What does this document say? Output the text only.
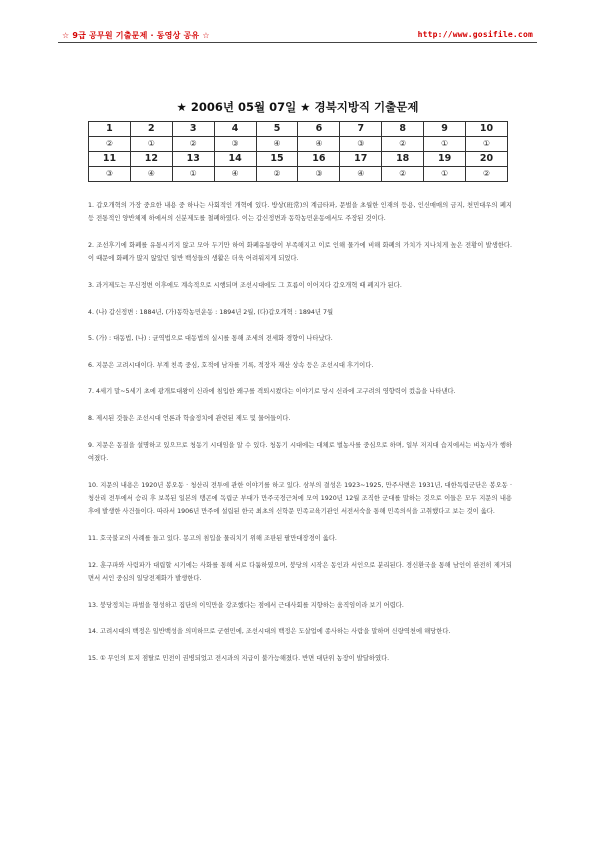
☆ 9급 공무원 기출문제 · 동영상 공유 ☆	http://www.gosifile.com
★ 2006년 05월 07일 ★ 경북지방직 기출문제
1	2	3	4	5	6	7	8	9	10
②	①	②	③	④	④	③	②	①	①
11	12	13	14	15	16	17	18	19	20
③	④	①	④	②	③	④	②	①	②

1. 갑오개혁의 가장 중요한 내용 중 하나는 사회적인 개혁에 있다. 방상(班常)의 계급타파, 문벌을 초월한 인재의 등용, 인신매매의 금지, 천민대우의 폐지 등 전통적인 양반체제 하에서의 신분제도를 철폐하였다. 이는 갑신정변과 동학농민운동에서도 주장된 것이다.

2. 조선후기에 화폐를 유통시키지 않고 모아 두기만 하여 화폐유통량이 부족해지고 이로 인해 물가에 비해 화폐의 가치가 지나치게 높은 전황이 발생한다. 이 때문에 화폐가 많지 않았던 일반 백성들의 생활은 더욱 어려워지게 되었다.

3. 과거제도는 무신정변 이후에도 계속적으로 시행되며 조선시대에도 그 흐름이 이어지다 갑오개혁 때 폐지가 된다.

4. (나) 갑신정변 : 1884년, (가)동학농민운동 : 1894년 2월, (다)갑오개혁 : 1894년 7월

5. (가) : 대동법, (나) : 균역법으로 대동법의 실시를 통해 조세의 전세화 경향이 나타났다.

6. 지문은 고려시대이다. 부계 친족 중심, 호적에 남자를 기록, 적장자 재산 상속 등은 조선시대 후기이다.

7. 4세기 말~5세기 초에 광개토대왕이 신라에 침입한 왜구를 격퇴시켰다는 이야기로 당시 신라에 고구려의 영향력이 컸음을 나타낸다.

8. 제시된 것들은 조선시대 언론과 학술정치에 관련된 제도 및 물어들이다.

9. 지문은 동질을 설명하고 있으므로 청동기 시대임을 알 수 있다. 청동기 시대에는 대체로 벌농사를 중심으로 하며, 일부 저지대 습지에서는 벼농사가 행하여졌다.

10. 지문의 내용은 1920년 봉오동 · 청산리 전투에 관한 이야기를 하고 있다. 삼부의 결성은 1923~1925, 만주사변은 1931년, 대한독립군단은 봉오동 · 청산리 전투에서 승리 후 보복된 일본의 탱곤에 독립군 부대가 만주국경근처에 모여 1920년 12월 조직한 군대를 말하는 것으로 이들은 모두 지문의 내용 후에 발생한 사건들이다. 따라서 1906년 만주에 설립된 한국 최초의 신학문 민족교육기관인 서전서숙을 통해 민족의식을 고취했다고 보는 것이 옳다.

11. 호국불교의 사례를 들고 있다. 몽고의 침입을 물리치기 위해 조판된 팔만대장경이 옳다.

12. 훈구파와 사림파가 대립할 시기에는 사화를 통해 서로 다툼하였으며, 붕당의 시작은 동인과 서인으로 분리된다. 경신환국을 통해 남인이 완전히 제거되면서 서인 중심의 일당전제화가 발생한다.

13. 붕당정치는 파벌을 형성하고 집단의 이익만을 강조했다는 점에서 근대사회를 지향하는 움직임이라 보기 어렵다.

14. 고려시대의 백정은 일반백성을 의미하므로 군현민에, 조선시대의 백정은 도살업에 종사하는 사람을 말하며 신량역천에 해당한다.

15. ① 무인의 토지 점탈로 민전이 권병되었고 전시과의 지급이 불가능해졌다. 반면 대단위 농장이 발달하였다.
